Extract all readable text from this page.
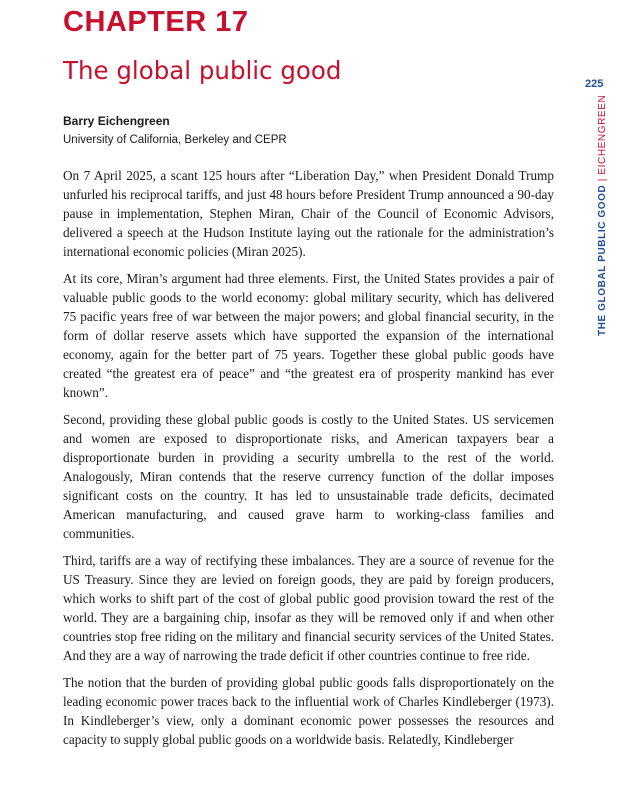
CHAPTER 17
The global public good	225
THE GLOBAL PUBLIC GOOD | EICHENGREEN
Barry Eichengreen
University of California, Berkeley and CEPR

On 7 April 2025, a scant 125 hours after “Liberation Day,” when President Donald Trump unfurled his reciprocal tariffs, and just 48 hours before President Trump announced a 90-day pause in implementation, Stephen Miran, Chair of the Council of Economic Advisors, delivered a speech at the Hudson Institute laying out the rationale for the administration’s international economic policies (Miran 2025).

At its core, Miran’s argument had three elements. First, the United States provides a pair of valuable public goods to the world economy: global military security, which has delivered 75 pacific years free of war between the major powers; and global financial security, in the form of dollar reserve assets which have supported the expansion of the international economy, again for the better part of 75 years. Together these global public goods have created “the greatest era of peace” and “the greatest era of prosperity mankind has ever known”.

Second, providing these global public goods is costly to the United States. US servicemen and women are exposed to disproportionate risks, and American taxpayers bear a disproportionate burden in providing a security umbrella to the rest of the world. Analogously, Miran contends that the reserve currency function of the dollar imposes significant costs on the country. It has led to unsustainable trade deficits, decimated American manufacturing, and caused grave harm to working-class families and communities.

Third, tariffs are a way of rectifying these imbalances. They are a source of revenue for the US Treasury. Since they are levied on foreign goods, they are paid by foreign producers, which works to shift part of the cost of global public good provision toward the rest of the world. They are a bargaining chip, insofar as they will be removed only if and when other countries stop free riding on the military and financial security services of the United States. And they are a way of narrowing the trade deficit if other countries continue to free ride.

The notion that the burden of providing global public goods falls disproportionately on the leading economic power traces back to the influential work of Charles Kindleberger (1973). In Kindleberger’s view, only a dominant economic power possesses the resources and capacity to supply global public goods on a worldwide basis. Relatedly, Kindleberger
